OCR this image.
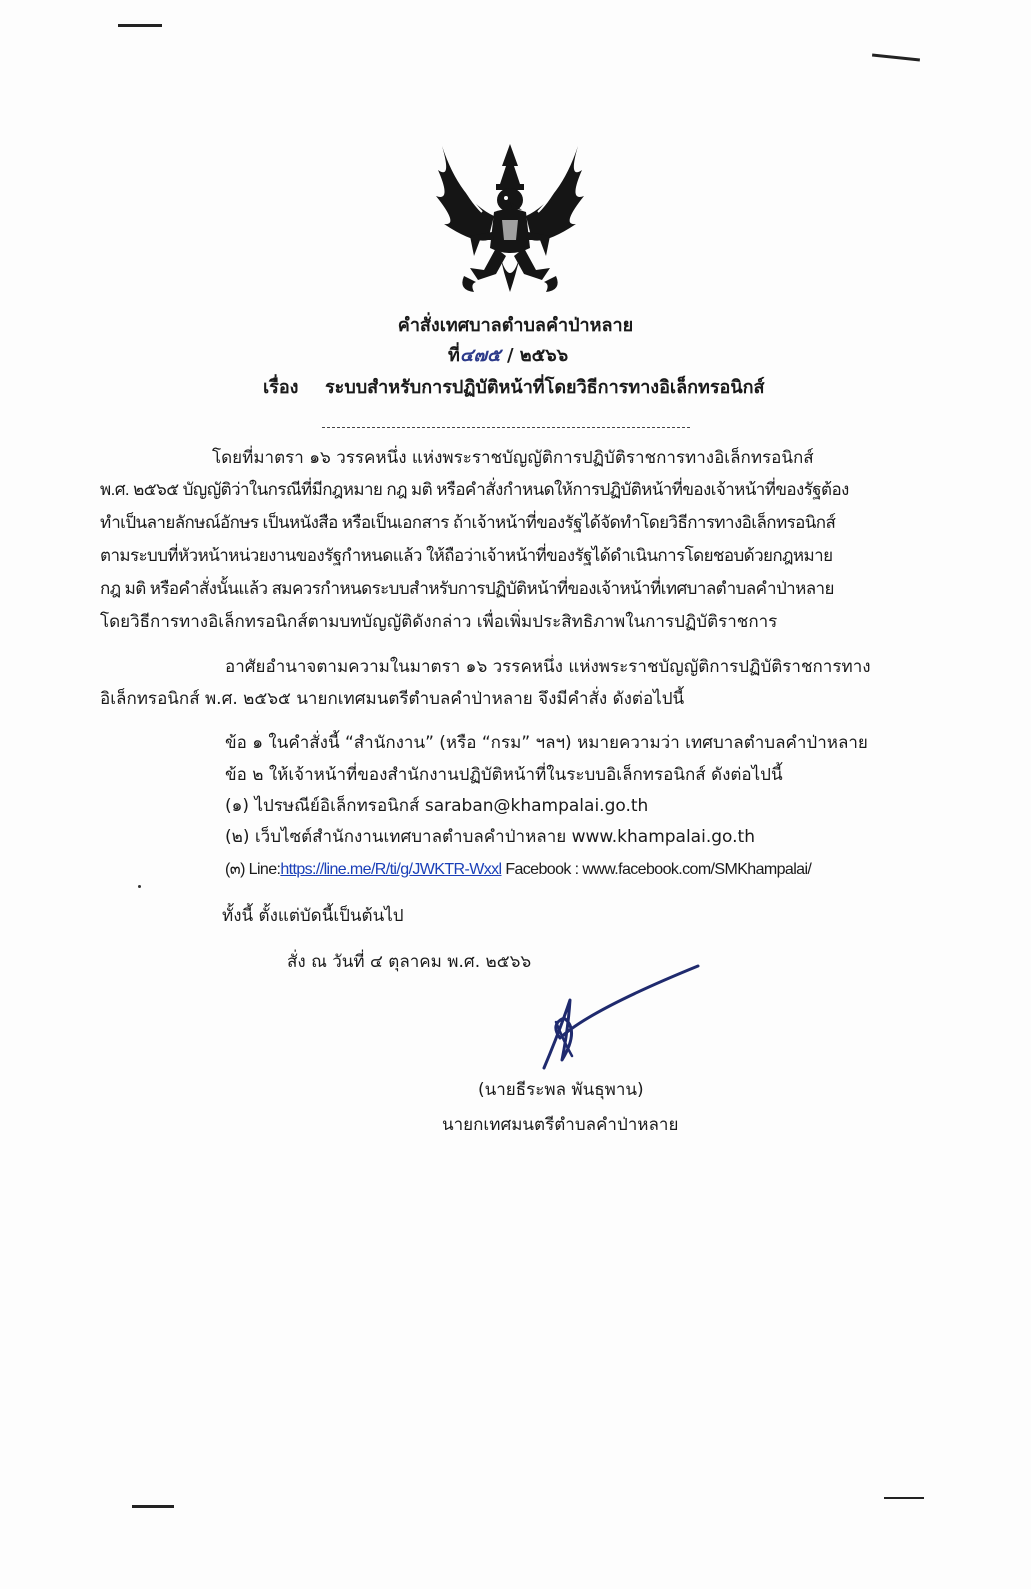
คำสั่งเทศบาลตำบลคำป่าหลาย
ที่๔๗๕ / ๒๕๖๖
เรื่อง ระบบสำหรับการปฏิบัติหน้าที่โดยวิธีการทางอิเล็กทรอนิกส์
โดยที่มาตรา ๑๖ วรรคหนึ่ง แห่งพระราชบัญญัติการปฏิบัติราชการทางอิเล็กทรอนิกส์
พ.ศ. ๒๕๖๕ บัญญัติว่าในกรณีที่มีกฎหมาย กฎ มติ หรือคำสั่งกำหนดให้การปฏิบัติหน้าที่ของเจ้าหน้าที่ของรัฐต้อง
ทำเป็นลายลักษณ์อักษร เป็นหนังสือ หรือเป็นเอกสาร ถ้าเจ้าหน้าที่ของรัฐได้จัดทำโดยวิธีการทางอิเล็กทรอนิกส์
ตามระบบที่หัวหน้าหน่วยงานของรัฐกำหนดแล้ว ให้ถือว่าเจ้าหน้าที่ของรัฐได้ดำเนินการโดยชอบด้วยกฎหมาย
กฎ มติ หรือคำสั่งนั้นแล้ว สมควรกำหนดระบบสำหรับการปฏิบัติหน้าที่ของเจ้าหน้าที่เทศบาลตำบลคำป่าหลาย
โดยวิธีการทางอิเล็กทรอนิกส์ตามบทบัญญัติดังกล่าว เพื่อเพิ่มประสิทธิภาพในการปฏิบัติราชการ
อาศัยอำนาจตามความในมาตรา ๑๖ วรรคหนึ่ง แห่งพระราชบัญญัติการปฏิบัติราชการทาง
อิเล็กทรอนิกส์ พ.ศ. ๒๕๖๕ นายกเทศมนตรีตำบลคำป่าหลาย จึงมีคำสั่ง ดังต่อไปนี้
ข้อ ๑ ในคำสั่งนี้ “สำนักงาน” (หรือ “กรม” ฯลฯ) หมายความว่า เทศบาลตำบลคำป่าหลาย
ข้อ ๒ ให้เจ้าหน้าที่ของสำนักงานปฏิบัติหน้าที่ในระบบอิเล็กทรอนิกส์ ดังต่อไปนี้
(๑) ไปรษณีย์อิเล็กทรอนิกส์ saraban@khampalai.go.th
(๒) เว็บไซต์สำนักงานเทศบาลตำบลคำป่าหลาย www.khampalai.go.th
(๓) Line:https://line.me/R/ti/g/JWKTR-Wxxl Facebook : www.facebook.com/SMKhampalai/
ทั้งนี้ ตั้งแต่บัดนี้เป็นต้นไป
สั่ง ณ วันที่ ๔ ตุลาคม พ.ศ. ๒๕๖๖
(นายธีระพล พันธุพาน)
นายกเทศมนตรีตำบลคำป่าหลาย
